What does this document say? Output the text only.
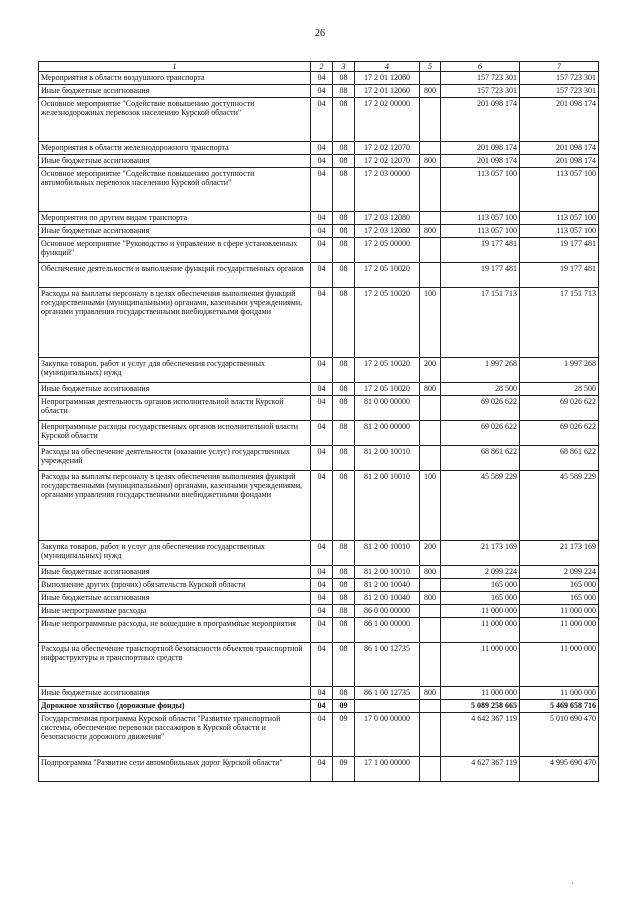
26
1	2	3	4	5	6	7
Мероприятия в области воздушного транспорта	04	08	17 2 01 12060		157 723 301	157 723 301
Иные бюджетные ассигнования	04	08	17 2 01 12060	800	157 723 301	157 723 301
Основное мероприятие "Содействие повышению доступности железнодорожных перевозок населению Курской области"	04	08	17 2 02 00000		201 098 174	201 098 174
Мероприятия в области железнодорожного транспорта	04	08	17 2 02 12070		201 098 174	201 098 174
Иные бюджетные ассигнования	04	08	17 2 02 12070	800	201 098 174	201 098 174
Основное мероприятие "Содействие повышению доступности автомобильных перевозок населению Курской области"	04	08	17 2 03 00000		113 057 100	113 057 100
Мероприятия по другим видам транспорта	04	08	17 2 03 12080		113 057 100	113 057 100
Иные бюджетные ассигнования	04	08	17 2 03 12080	800	113 057 100	113 057 100
Основное мероприятие "Руководство и управление в сфере установленных функций"	04	08	17 2 05 00000		19 177 481	19 177 481
Обеспечение деятельности и выполнение функций государственных органов	04	08	17 2 05 10020		19 177 481	19 177 481
Расходы на выплаты персоналу в целях обеспечения выполнения функций государственными (муниципальными) органами, казенными учреждениями, органами управления государственными внебюджетными фондами	04	08	17 2 05 10020	100	17 151 713	17 151 713
Закупка товаров, работ и услуг для обеспечения государственных (муниципальных) нужд	04	08	17 2 05 10020	200	1 997 268	1 997 268
Иные бюджетные ассигнования	04	08	17 2 05 10020	800	28 500	28 500
Непрограммная деятельность органов исполнительной власти Курской области	04	08	81 0 00 00000		69 026 622	69 026 622
Непрограммные расходы государственных органов исполнительной власти Курской области	04	08	81 2 00 00000		69 026 622	69 026 622
Расходы на обеспечение деятельности (оказание услуг) государственных учреждений	04	08	81 2 00 10010		68 861 622	68 861 622
Расходы на выплаты персоналу в целях обеспечения выполнения функций государственными (муниципальными) органами, казенными учреждениями, органами управления государственными внебюджетными фондами	04	08	81 2 00 10010	100	45 589 229	45 589 229
Закупка товаров, работ и услуг для обеспечения государственных (муниципальных) нужд	04	08	81 2 00 10010	200	21 173 169	21 173 169
Иные бюджетные ассигнования	04	08	81 2 00 10010	800	2 099 224	2 099 224
Выполнение других (прочих) обязательств Курской области	04	08	81 2 00 10040		165 000	165 000
Иные бюджетные ассигнования	04	08	81 2 00 10040	800	165 000	165 000
Иные непрограммные расходы	04	08	86 0 00 00000		11 000 000	11 000 000
Иные непрограммные расходы, не вошедшие в программные мероприятия	04	08	86 1 00 00000		11 000 000	11 000 000
Расходы на обеспечение транспортной безопасности объектов транспортной инфраструктуры и транспортных средств	04	08	86 1 00 12735		11 000 000	11 000 000
Иные бюджетные ассигнования	04	08	86 1 00 12735	800	11 000 000	11 000 000
Дорожное хозяйство (дорожные фонды)	04	09			5 089 258 665	5 469 658 716
Государственная программа Курской области "Развитие транспортной системы, обеспечение перевозки пассажиров в Курской области и безопасности дорожного движения"	04	09	17 0 00 00000		4 642 367 119	5 010 690 470
Подпрограмма "Развитие сети автомобильных дорог Курской области"	04	09	17 1 00 00000		4 627 367 119	4 995 690 470
·
